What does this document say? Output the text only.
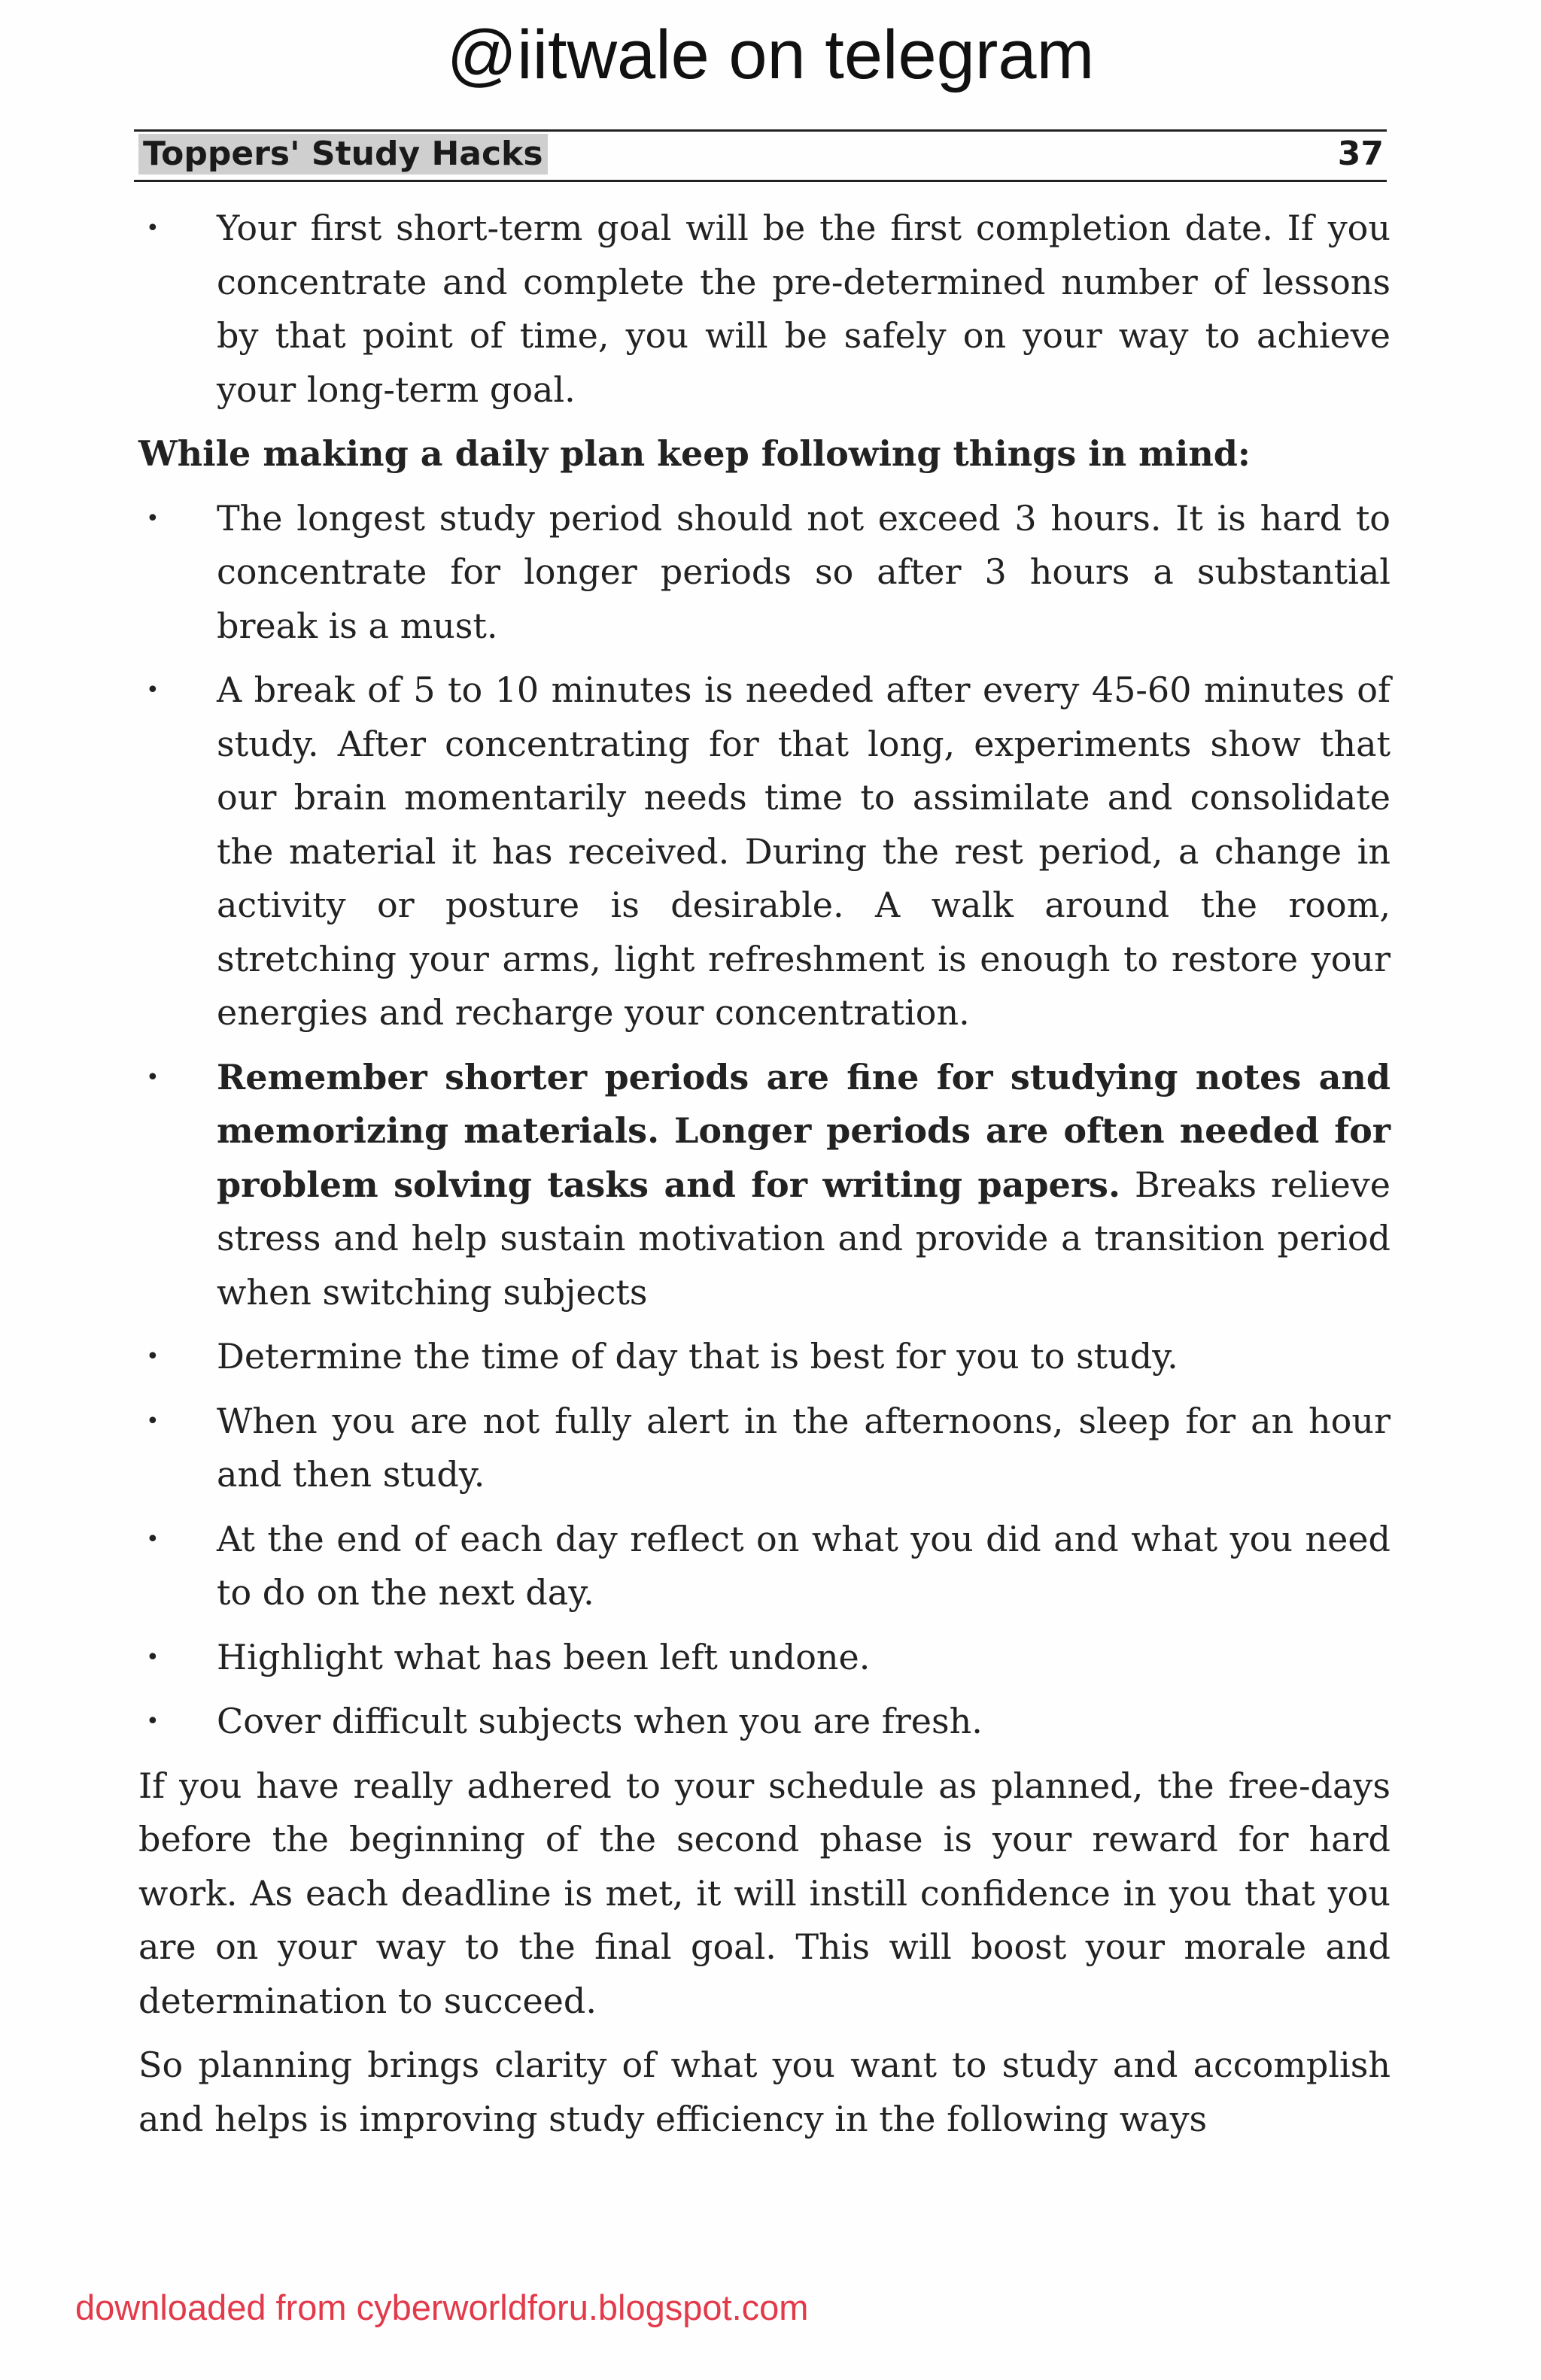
@iitwale on telegram
Toppers' Study Hacks	37
• Your first short-term goal will be the first completion date. If you concentrate and complete the pre-determined number of lessons by that point of time, you will be safely on your way to achieve your long-term goal.
While making a daily plan keep following things in mind:
• The longest study period should not exceed 3 hours. It is hard to concentrate for longer periods so after 3 hours a substantial break is a must.
• A break of 5 to 10 minutes is needed after every 45-60 minutes of study. After concentrating for that long, experiments show that our brain momentarily needs time to assimilate and consolidate the material it has received. During the rest period, a change in activity or posture is desirable. A walk around the room, stretching your arms, light refreshment is enough to restore your energies and recharge your concentration.
• Remember shorter periods are fine for studying notes and memorizing materials. Longer periods are often needed for problem solving tasks and for writing papers. Breaks relieve stress and help sustain motivation and provide a transition period when switching subjects
• Determine the time of day that is best for you to study.
• When you are not fully alert in the afternoons, sleep for an hour and then study.
• At the end of each day reflect on what you did and what you need to do on the next day.
• Highlight what has been left undone.
• Cover difficult subjects when you are fresh.

If you have really adhered to your schedule as planned, the free-days before the beginning of the second phase is your reward for hard work. As each deadline is met, it will instill confidence in you that you are on your way to the final goal. This will boost your morale and determination to succeed.

So planning brings clarity of what you want to study and accomplish and helps is improving study efficiency in the following ways

downloaded from cyberworldforu.blogspot.com
